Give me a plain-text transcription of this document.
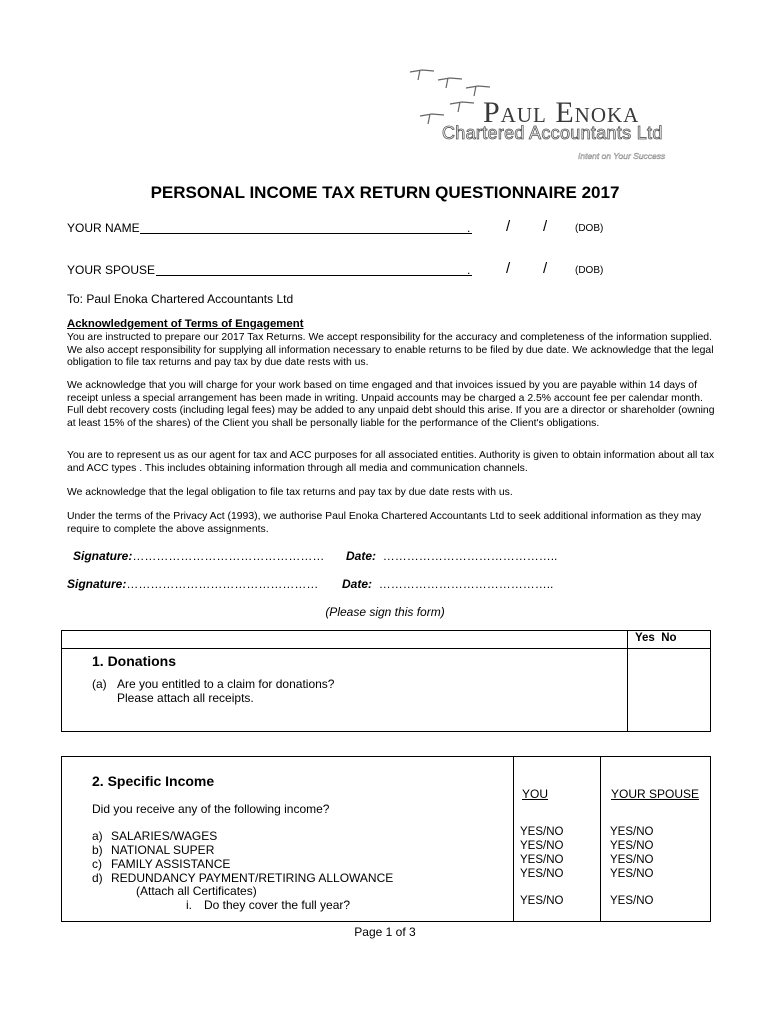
Paul Enoka
Chartered Accountants Ltd
Intent on Your Success
PERSONAL INCOME TAX RETURN QUESTIONNAIRE 2017
YOUR NAME	. / /	(DOB)
YOUR SPOUSE	. / /	(DOB)
To: Paul Enoka Chartered Accountants Ltd
Acknowledgement of Terms of Engagement
You are instructed to prepare our 2017 Tax Returns. We accept responsibility for the accuracy and completeness of the information supplied. We also accept responsibility for supplying all information necessary to enable returns to be filed by due date. We acknowledge that the legal obligation to file tax returns and pay tax by due date rests with us.
We acknowledge that you will charge for your work based on time engaged and that invoices issued by you are payable within 14 days of receipt unless a special arrangement has been made in writing. Unpaid accounts may be charged a 2.5% account fee per calendar month. Full debt recovery costs (including legal fees) may be added to any unpaid debt should this arise. If you are a director or shareholder (owning at least 15% of the shares) of the Client you shall be personally liable for the performance of the Client's obligations.
You are to represent us as our agent for tax and ACC purposes for all associated entities. Authority is given to obtain information about all tax and ACC types . This includes obtaining information through all media and communication channels.
We acknowledge that the legal obligation to file tax returns and pay tax by due date rests with us.
Under the terms of the Privacy Act (1993), we authorise Paul Enoka Chartered Accountants Ltd to seek additional information as they may require to complete the above assignments.
Signature:………………………………………… Date: ……………………………………..
Signature:………………………………………… Date: ……………………………………..
(Please sign this form)
Yes  No
1. Donations
(a) Are you entitled to a claim for donations?
Please attach all receipts.
2. Specific Income
YOU	YOUR SPOUSE
Did you receive any of the following income?
a) SALARIES/WAGES	YES/NO	YES/NO
b) NATIONAL SUPER	YES/NO	YES/NO
c) FAMILY ASSISTANCE	YES/NO	YES/NO
d) REDUNDANCY PAYMENT/RETIRING ALLOWANCE	YES/NO	YES/NO
(Attach all Certificates)
i. Do they cover the full year?	YES/NO	YES/NO
Page 1 of 3
